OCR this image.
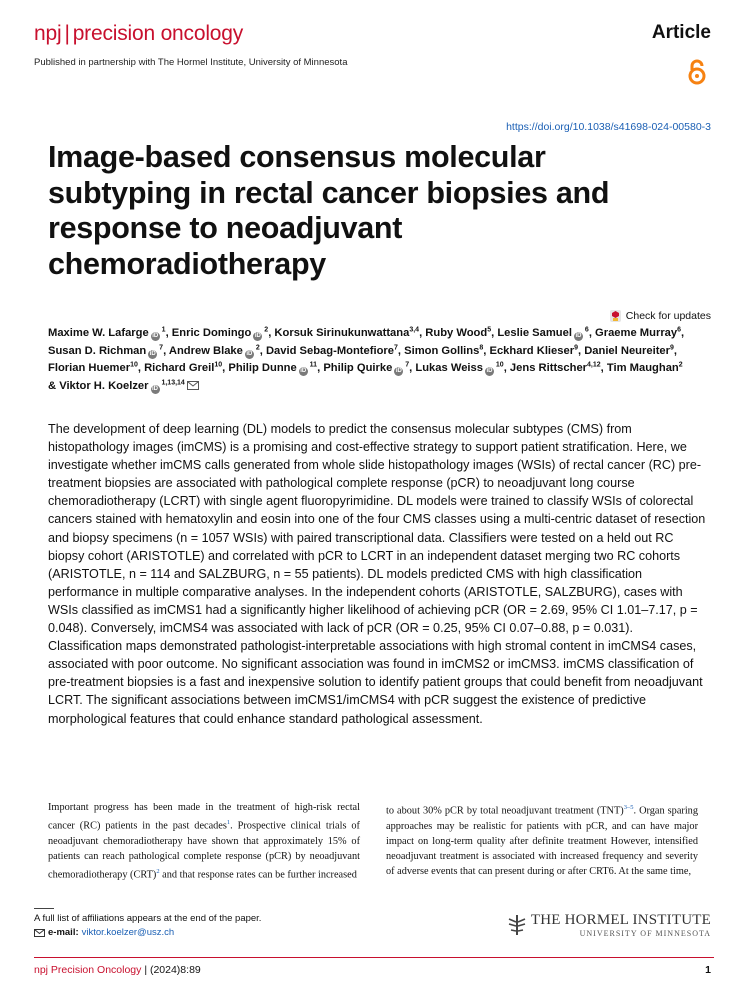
npj | precision oncology	Article
Published in partnership with The Hormel Institute, University of Minnesota
https://doi.org/10.1038/s41698-024-00580-3
Image-based consensus molecular subtyping in rectal cancer biopsies and response to neoadjuvant chemoradiotherapy
Check for updates
Maxime W. Lafarge iD $^1$, Enric Domingo iD $^2$, Korsuk Sirinukunwattana$^{3,4}$, Ruby Wood$^5$, Leslie Samuel iD $^6$, Graeme Murray$^6$, Susan D. Richman iD $^7$, Andrew Blake iD $^2$, David Sebag-Montefiore$^7$, Simon Gollins$^8$, Eckhard Klieser$^9$, Daniel Neureiter$^9$, Florian Huemer$^{10}$, Richard Greil$^{10}$, Philip Dunne iD $^{11}$, Philip Quirke iD $^7$, Lukas Weiss iD $^{10}$, Jens Rittscher$^{4,12}$, Tim Maughan$^2$ & Viktor H. Koelzer iD $^{1,13,14}$

The development of deep learning (DL) models to predict the consensus molecular subtypes (CMS) from histopathology images (imCMS) is a promising and cost-effective strategy to support patient stratification. Here, we investigate whether imCMS calls generated from whole slide histopathology images (WSIs) of rectal cancer (RC) pre-treatment biopsies are associated with pathological complete response (pCR) to neoadjuvant long course chemoradiotherapy (LCRT) with single agent fluoropyrimidine. DL models were trained to classify WSIs of colorectal cancers stained with hematoxylin and eosin into one of the four CMS classes using a multi-centric dataset of resection and biopsy specimens (n = 1057 WSIs) with paired transcriptional data. Classifiers were tested on a held out RC biopsy cohort (ARISTOTLE) and correlated with pCR to LCRT in an independent dataset merging two RC cohorts (ARISTOTLE, n = 114 and SALZBURG, n = 55 patients). DL models predicted CMS with high classification performance in multiple comparative analyses. In the independent cohorts (ARISTOTLE, SALZBURG), cases with WSIs classified as imCMS1 had a significantly higher likelihood of achieving pCR (OR = 2.69, 95% CI 1.01–7.17, p = 0.048). Conversely, imCMS4 was associated with lack of pCR (OR = 0.25, 95% CI 0.07–0.88, p = 0.031). Classification maps demonstrated pathologist-interpretable associations with high stromal content in imCMS4 cases, associated with poor outcome. No significant association was found in imCMS2 or imCMS3. imCMS classification of pre-treatment biopsies is a fast and inexpensive solution to identify patient groups that could benefit from neoadjuvant LCRT. The significant associations between imCMS1/imCMS4 with pCR suggest the existence of predictive morphological features that could enhance standard pathological assessment.

Important progress has been made in the treatment of high-risk rectal cancer (RC) patients in the past decades$^1$. Prospective clinical trials of neoadjuvant chemoradiotherapy have shown that approximately 15% of patients can reach pathological complete response (pCR) by neoadjuvant chemoradiotherapy (CRT)$^2$ and that response rates can be further increased
to about 30% pCR by total neoadjuvant treatment (TNT)$^{3-5}$. Organ sparing approaches may be realistic for patients with pCR, and can have major impact on long-term quality after definite treatment However, intensified neoadjuvant treatment is associated with increased frequency and severity of adverse events that can present during or after CRT6. At the same time,
A full list of affiliations appears at the end of the paper.
e-mail: viktor.koelzer@usz.ch
THE HORMEL INSTITUTE
UNIVERSITY OF MINNESOTA
npj Precision Oncology | (2024)8:89	1
